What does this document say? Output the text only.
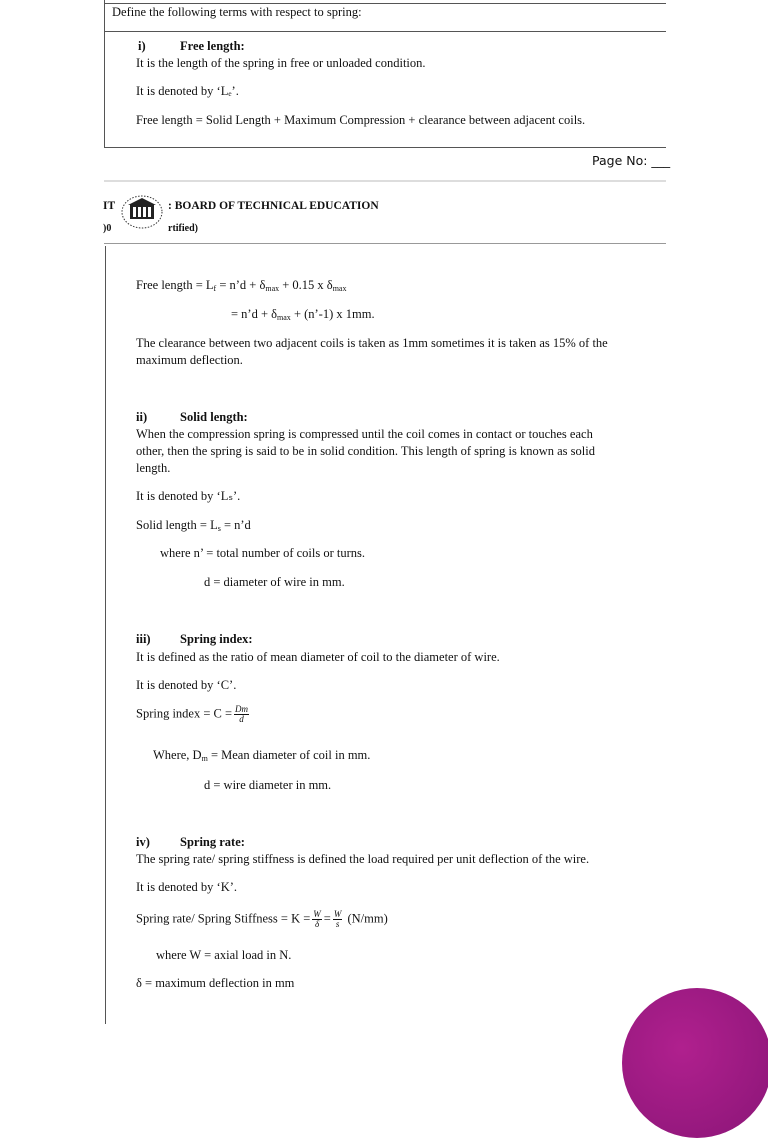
Define the following terms with respect to spring:
i)	Free length:
It is the length of the spring in free or unloaded condition.
It is denoted by ‘Lₑ’.
Free length = Solid Length + Maximum Compression + clearance between adjacent coils.
Page No: ___
IT
)0
: BOARD OF TECHNICAL EDUCATION
rtified)
Free length = $L_f$ = n’d + $\delta_{max} + 0.15$ x $\delta_{max}$
= n’d + $\delta_{max}$ + (n’-1) x 1mm.
The clearance between two adjacent coils is taken as 1mm sometimes it is taken as 15% of the
maximum deflection.
ii)	Solid length:
When the compression spring is compressed until the coil comes in contact or touches each
other, then the spring is said to be in solid condition. This length of spring is known as solid
length.
It is denoted by ‘Lₛ’.
Solid length = $L_s$ = n’d
where n’ = total number of coils or turns.
d = diameter of wire in mm.
iii) Spring index:
It is defined as the ratio of mean diameter of coil to the diameter of wire.
It is denoted by ‘C’.
Spring index = $C = \frac{Dm}{d}$
Where, $D_m$ = Mean diameter of coil in mm.
d = wire diameter in mm.
iv) Spring rate:
The spring rate/ spring stiffness is defined the load required per unit deflection of the wire.
It is denoted by ‘K’.
Spring rate/ Spring Stiffness = $K = \frac{W}{\delta} = \frac{W}{s} (N/mm)$
where W = axial load in N.
δ = maximum deflection in mm
